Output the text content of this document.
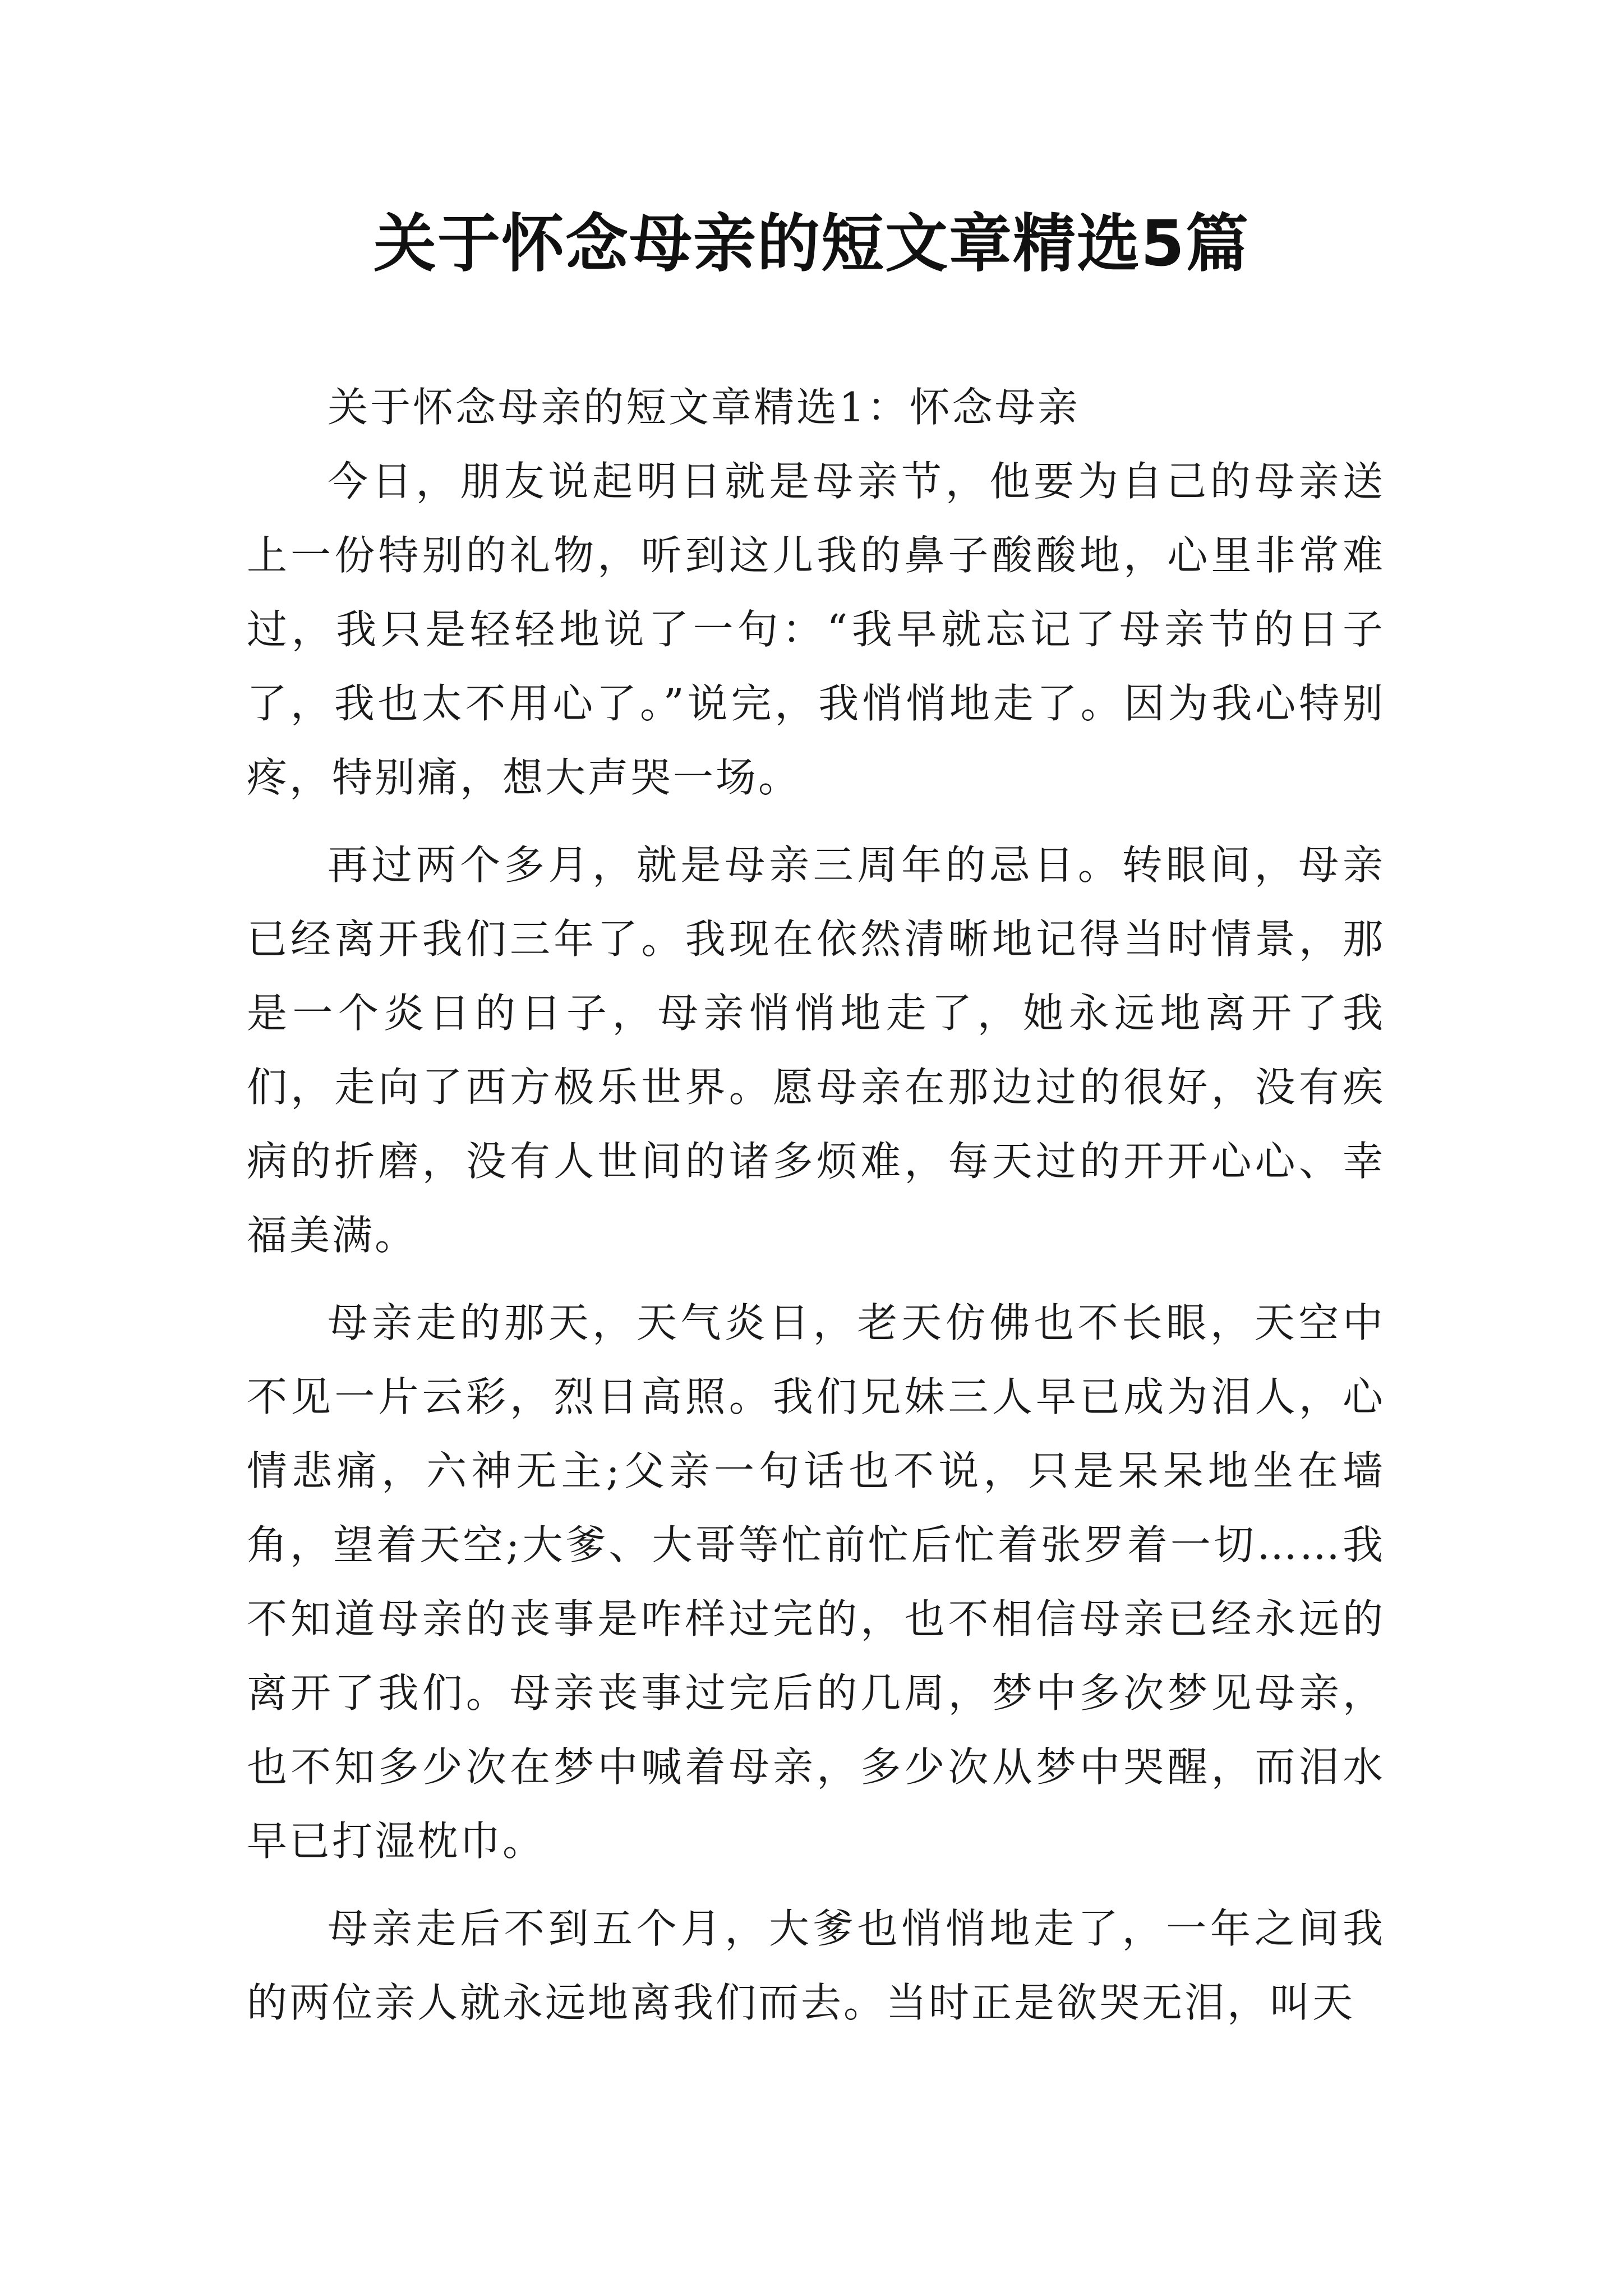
关于怀念母亲的短文章精选5篇

关于怀念母亲的短文章精选1：怀念母亲

今日，朋友说起明日就是母亲节，他要为自己的母亲送上一份特别的礼物，听到这儿我的鼻子酸酸地，心里非常难过，我只是轻轻地说了一句：“我早就忘记了母亲节的日子了，我也太不用心了。”说完，我悄悄地走了。因为我心特别疼，特别痛，想大声哭一场。

再过两个多月，就是母亲三周年的忌日。转眼间，母亲已经离开我们三年了。我现在依然清晰地记得当时情景，那是一个炎日的日子，母亲悄悄地走了，她永远地离开了我们，走向了西方极乐世界。愿母亲在那边过的很好，没有疾病的折磨，没有人世间的诸多烦难，每天过的开开心心、幸福美满。

母亲走的那天，天气炎日，老天仿佛也不长眼，天空中不见一片云彩，烈日高照。我们兄妹三人早已成为泪人，心情悲痛，六神无主;父亲一句话也不说，只是呆呆地坐在墙角，望着天空;大爹、大哥等忙前忙后忙着张罗着一切……我不知道母亲的丧事是咋样过完的，也不相信母亲已经永远的离开了我们。母亲丧事过完后的几周，梦中多次梦见母亲，也不知多少次在梦中喊着母亲，多少次从梦中哭醒，而泪水早已打湿枕巾。

母亲走后不到五个月，大爹也悄悄地走了，一年之间我的两位亲人就永远地离我们而去。当时正是欲哭无泪，叫天
